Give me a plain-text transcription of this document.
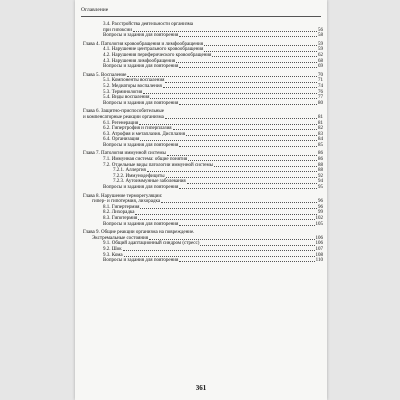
Оглавление
3.4. Расстройства деятельности организма
при гипоксии	56
Вопросы и задания для повторения	58
Глава 4. Патология кровообращения и лимфообращения	59
4.1. Нарушение центрального кровообращения	59
4.2. Нарушения периферического кровообращения	62
4.3. Нарушения лимфообращения	68
Вопросы и задания для повторения	69
Глава 5. Воспаление	70
5.1. Компоненты воспаления	71
5.2. Медиаторы воспаления	74
5.3. Терминология	76
5.4. Виды воспаления	77
Вопросы и задания для повторения	80
Глава 6. Защитно-приспособительные
и компенсаторные реакции организма	81
6.1. Регенерация	81
6.2. Гипертрофия и гиперплазия	82
6.3. Атрофия и метаплазия. Дисплазия	83
6.4. Организация	84
Вопросы и задания для повторения	85
Глава 7. Патология иммунной системы	86
7.1. Иммунная система: общие понятия	86
7.2. Отдельные виды патологии иммунной системы	88
7.2.1. Аллергия	88
7.2.2. Иммунодефициты	92
7.2.3. Аутоиммунные заболевания	94
Вопросы и задания для повторения	95
Глава 8. Нарушение терморегуляции:
гипер- и гипотермия, лихорадка	96
8.1. Гипертермия	96
8.2. Лихорадка	99
8.3. Гипотермия	102
Вопросы и задания для повторения	105
Глава 9. Общие реакции организма на повреждение.
Экстремальные состояния	106
9.1. Общий адаптационный синдром (стресс)	106
9.2. Шок	107
9.3. Кома	108
Вопросы и задания для повторения	110
361
